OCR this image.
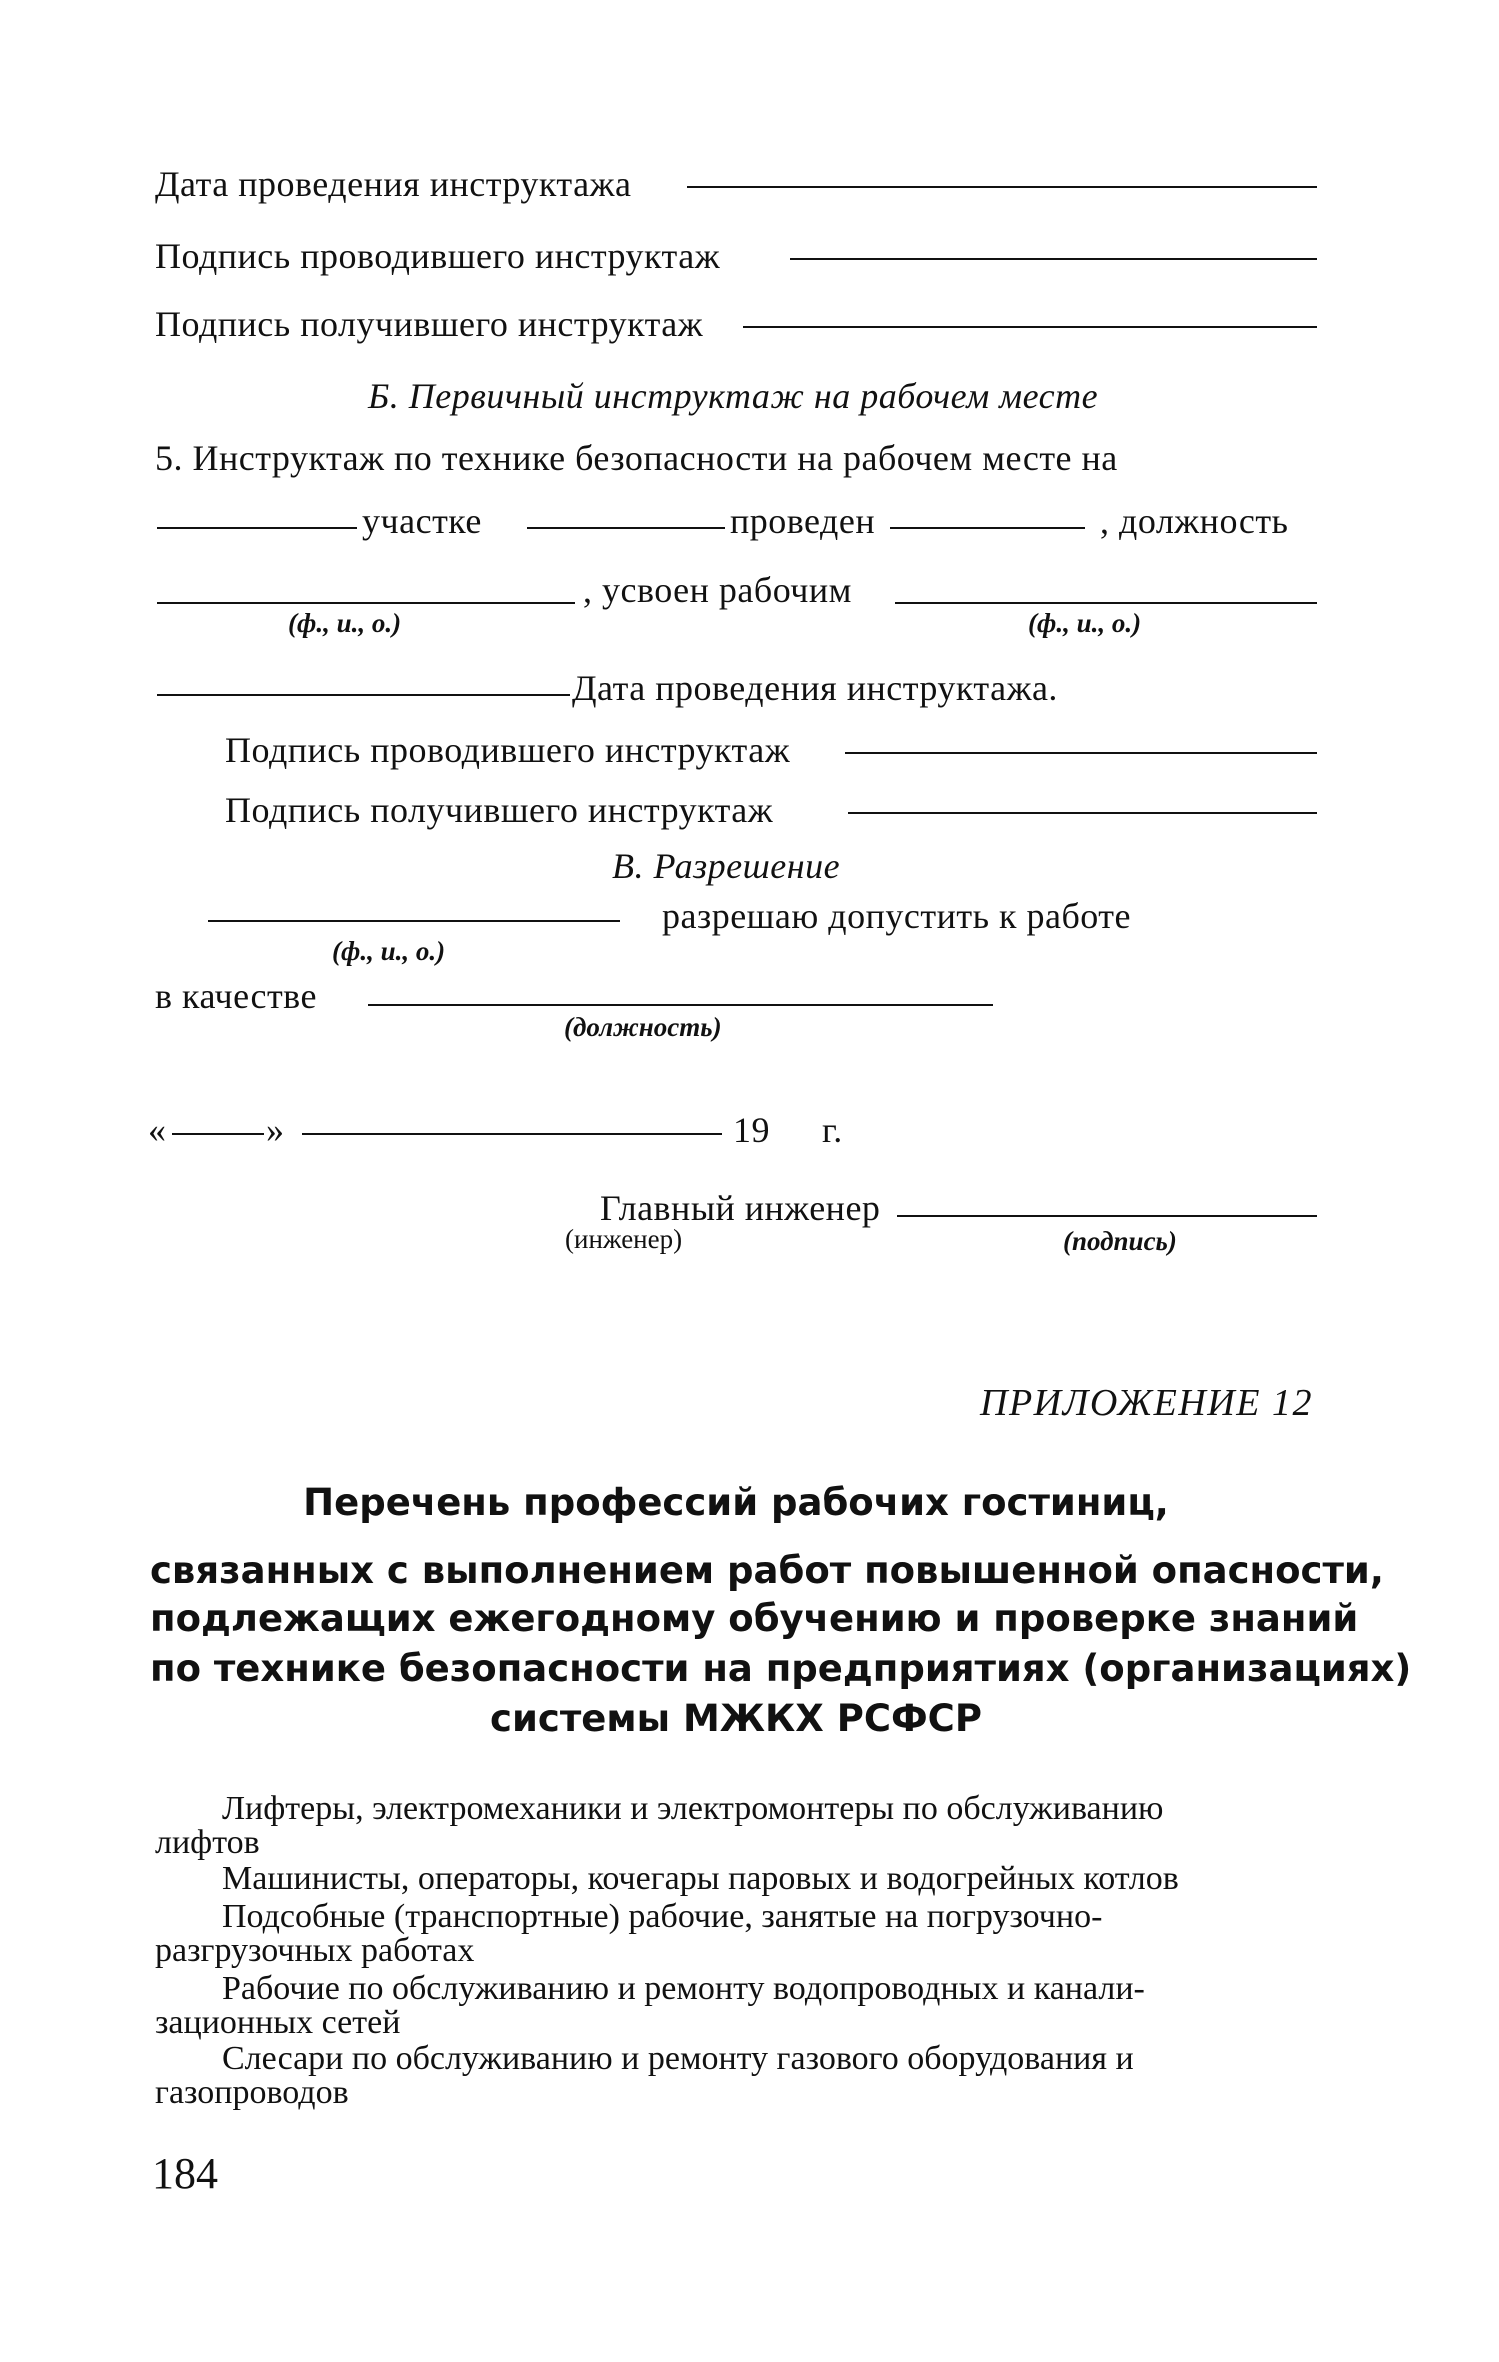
Дата проведения инструктажа
Подпись проводившего инструктаж
Подпись получившего инструктаж
Б. Первичный инструктаж на рабочем месте
5. Инструктаж по технике безопасности на рабочем месте на
участке	проведен	, должность
(ф., и., о.)
, усвоен рабочим
(ф., и., о.)
Дата проведения инструктажа.
Подпись проводившего инструктаж
Подпись получившего инструктаж
В. Разрешение
разрешаю допустить к работе
(ф., и., о.)
в качестве
(должность)
«	»	19 г.
Главный инженер
(инженер)	(подпись)
ПРИЛОЖЕНИЕ 12
Перечень профессий рабочих гостиниц,
связанных с выполнением работ повышенной опасности,
подлежащих ежегодному обучению и проверке знаний
по технике безопасности на предприятиях (организациях)
системы МЖКХ РСФСР
Лифтеры, электромеханики и электромонтеры по обслуживанию
лифтов
Машинисты, операторы, кочегары паровых и водогрейных котлов
Подсобные (транспортные) рабочие, занятые на погрузочно-
разгрузочных работах
Рабочие по обслуживанию и ремонту водопроводных и канали-
зационных сетей
Слесари по обслуживанию и ремонту газового оборудования и
газопроводов
184
